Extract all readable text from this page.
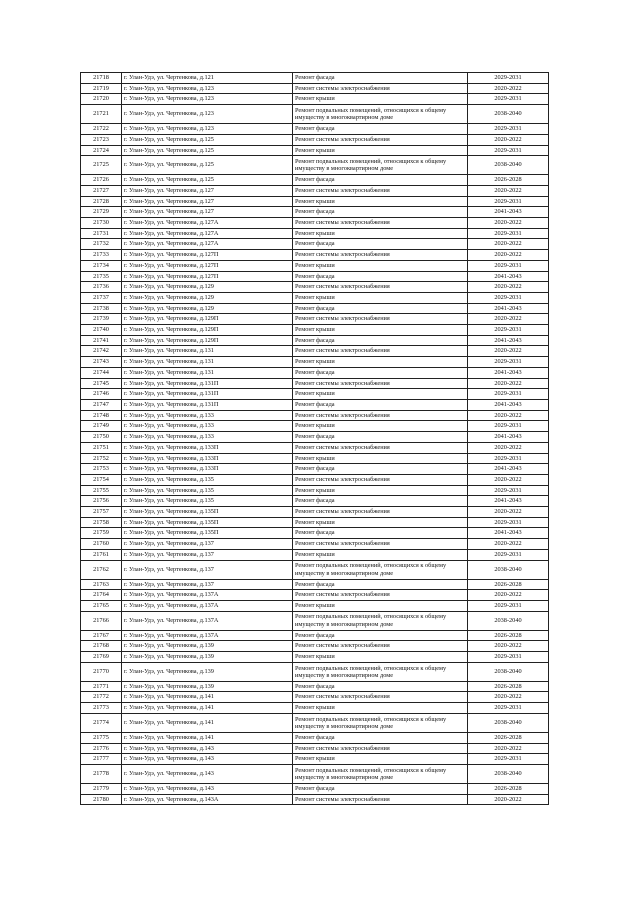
21718	г. Улан-Удэ, ул. Чертенкова, д.121	Ремонт фасада	2029-2031
21719	г. Улан-Удэ, ул. Чертенкова, д.123	Ремонт системы электроснабжения	2020-2022
21720	г. Улан-Удэ, ул. Чертенкова, д.123	Ремонт крыши	2029-2031
21721	г. Улан-Удэ, ул. Чертенкова, д.123	Ремонт подвальных помещений, относящихся к общему имуществу в многоквартирном доме	2038-2040
21722	г. Улан-Удэ, ул. Чертенкова, д.123	Ремонт фасада	2029-2031
21723	г. Улан-Удэ, ул. Чертенкова, д.125	Ремонт системы электроснабжения	2020-2022
21724	г. Улан-Удэ, ул. Чертенкова, д.125	Ремонт крыши	2029-2031
21725	г. Улан-Удэ, ул. Чертенкова, д.125	Ремонт подвальных помещений, относящихся к общему имуществу в многоквартирном доме	2038-2040
21726	г. Улан-Удэ, ул. Чертенкова, д.125	Ремонт фасада	2026-2028
21727	г. Улан-Удэ, ул. Чертенкова, д.127	Ремонт системы электроснабжения	2020-2022
21728	г. Улан-Удэ, ул. Чертенкова, д.127	Ремонт крыши	2029-2031
21729	г. Улан-Удэ, ул. Чертенкова, д.127	Ремонт фасада	2041-2043
21730	г. Улан-Удэ, ул. Чертенкова, д.127А	Ремонт системы электроснабжения	2020-2022
21731	г. Улан-Удэ, ул. Чертенкова, д.127А	Ремонт крыши	2029-2031
21732	г. Улан-Удэ, ул. Чертенкова, д.127А	Ремонт фасада	2020-2022
21733	г. Улан-Удэ, ул. Чертенкова, д.127П	Ремонт системы электроснабжения	2020-2022
21734	г. Улан-Удэ, ул. Чертенкова, д.127П	Ремонт крыши	2029-2031
21735	г. Улан-Удэ, ул. Чертенкова, д.127П	Ремонт фасада	2041-2043
21736	г. Улан-Удэ, ул. Чертенкова, д.129	Ремонт системы электроснабжения	2020-2022
21737	г. Улан-Удэ, ул. Чертенкова, д.129	Ремонт крыши	2029-2031
21738	г. Улан-Удэ, ул. Чертенкова, д.129	Ремонт фасада	2041-2043
21739	г. Улан-Удэ, ул. Чертенкова, д.129П	Ремонт системы электроснабжения	2020-2022
21740	г. Улан-Удэ, ул. Чертенкова, д.129П	Ремонт крыши	2029-2031
21741	г. Улан-Удэ, ул. Чертенкова, д.129П	Ремонт фасада	2041-2043
21742	г. Улан-Удэ, ул. Чертенкова, д.131	Ремонт системы электроснабжения	2020-2022
21743	г. Улан-Удэ, ул. Чертенкова, д.131	Ремонт крыши	2029-2031
21744	г. Улан-Удэ, ул. Чертенкова, д.131	Ремонт фасада	2041-2043
21745	г. Улан-Удэ, ул. Чертенкова, д.131П	Ремонт системы электроснабжения	2020-2022
21746	г. Улан-Удэ, ул. Чертенкова, д.131П	Ремонт крыши	2029-2031
21747	г. Улан-Удэ, ул. Чертенкова, д.131П	Ремонт фасада	2041-2043
21748	г. Улан-Удэ, ул. Чертенкова, д.133	Ремонт системы электроснабжения	2020-2022
21749	г. Улан-Удэ, ул. Чертенкова, д.133	Ремонт крыши	2029-2031
21750	г. Улан-Удэ, ул. Чертенкова, д.133	Ремонт фасада	2041-2043
21751	г. Улан-Удэ, ул. Чертенкова, д.133П	Ремонт системы электроснабжения	2020-2022
21752	г. Улан-Удэ, ул. Чертенкова, д.133П	Ремонт крыши	2029-2031
21753	г. Улан-Удэ, ул. Чертенкова, д.133П	Ремонт фасада	2041-2043
21754	г. Улан-Удэ, ул. Чертенкова, д.135	Ремонт системы электроснабжения	2020-2022
21755	г. Улан-Удэ, ул. Чертенкова, д.135	Ремонт крыши	2029-2031
21756	г. Улан-Удэ, ул. Чертенкова, д.135	Ремонт фасада	2041-2043
21757	г. Улан-Удэ, ул. Чертенкова, д.135П	Ремонт системы электроснабжения	2020-2022
21758	г. Улан-Удэ, ул. Чертенкова, д.135П	Ремонт крыши	2029-2031
21759	г. Улан-Удэ, ул. Чертенкова, д.135П	Ремонт фасада	2041-2043
21760	г. Улан-Удэ, ул. Чертенкова, д.137	Ремонт системы электроснабжения	2020-2022
21761	г. Улан-Удэ, ул. Чертенкова, д.137	Ремонт крыши	2029-2031
21762	г. Улан-Удэ, ул. Чертенкова, д.137	Ремонт подвальных помещений, относящихся к общему имуществу в многоквартирном доме	2038-2040
21763	г. Улан-Удэ, ул. Чертенкова, д.137	Ремонт фасада	2026-2028
21764	г. Улан-Удэ, ул. Чертенкова, д.137А	Ремонт системы электроснабжения	2020-2022
21765	г. Улан-Удэ, ул. Чертенкова, д.137А	Ремонт крыши	2029-2031
21766	г. Улан-Удэ, ул. Чертенкова, д.137А	Ремонт подвальных помещений, относящихся к общему имуществу в многоквартирном доме	2038-2040
21767	г. Улан-Удэ, ул. Чертенкова, д.137А	Ремонт фасада	2026-2028
21768	г. Улан-Удэ, ул. Чертенкова, д.139	Ремонт системы электроснабжения	2020-2022
21769	г. Улан-Удэ, ул. Чертенкова, д.139	Ремонт крыши	2029-2031
21770	г. Улан-Удэ, ул. Чертенкова, д.139	Ремонт подвальных помещений, относящихся к общему имуществу в многоквартирном доме	2038-2040
21771	г. Улан-Удэ, ул. Чертенкова, д.139	Ремонт фасада	2026-2028
21772	г. Улан-Удэ, ул. Чертенкова, д.141	Ремонт системы электроснабжения	2020-2022
21773	г. Улан-Удэ, ул. Чертенкова, д.141	Ремонт крыши	2029-2031
21774	г. Улан-Удэ, ул. Чертенкова, д.141	Ремонт подвальных помещений, относящихся к общему имуществу в многоквартирном доме	2038-2040
21775	г. Улан-Удэ, ул. Чертенкова, д.141	Ремонт фасада	2026-2028
21776	г. Улан-Удэ, ул. Чертенкова, д.143	Ремонт системы электроснабжения	2020-2022
21777	г. Улан-Удэ, ул. Чертенкова, д.143	Ремонт крыши	2029-2031
21778	г. Улан-Удэ, ул. Чертенкова, д.143	Ремонт подвальных помещений, относящихся к общему имуществу в многоквартирном доме	2038-2040
21779	г. Улан-Удэ, ул. Чертенкова, д.143	Ремонт фасада	2026-2028
21780	г. Улан-Удэ, ул. Чертенкова, д.143А	Ремонт системы электроснабжения	2020-2022
